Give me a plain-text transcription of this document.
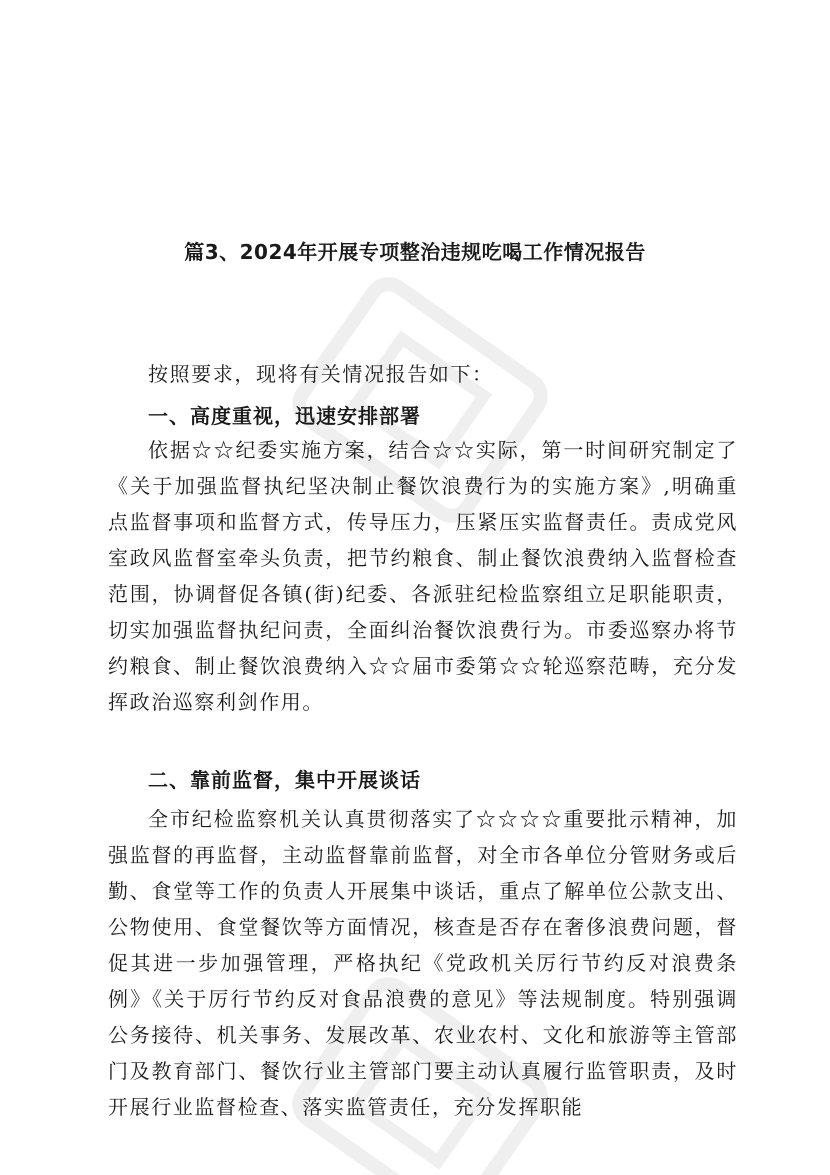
篇3、2024年开展专项整治违规吃喝工作情况报告
按照要求，现将有关情况报告如下：
一、高度重视，迅速安排部署
依据☆☆纪委实施方案，结合☆☆实际，第一时间研究制定了《关于加强监督执纪坚决制止餐饮浪费行为的实施方案》,明确重点监督事项和监督方式，传导压力，压紧压实监督责任。责成党风室政风监督室牵头负责，把节约粮食、制止餐饮浪费纳入监督检查范围，协调督促各镇(街)纪委、各派驻纪检监察组立足职能职责，切实加强监督执纪问责，全面纠治餐饮浪费行为。市委巡察办将节约粮食、制止餐饮浪费纳入☆☆届市委第☆☆轮巡察范畴，充分发挥政治巡察利剑作用。
二、靠前监督，集中开展谈话
全市纪检监察机关认真贯彻落实了☆☆☆☆重要批示精神，加强监督的再监督，主动监督靠前监督，对全市各单位分管财务或后勤、食堂等工作的负责人开展集中谈话，重点了解单位公款支出、公物使用、食堂餐饮等方面情况，核查是否存在奢侈浪费问题，督促其进一步加强管理，严格执纪《党政机关厉行节约反对浪费条例》《关于厉行节约反对食品浪费的意见》等法规制度。特别强调公务接待、机关事务、发展改革、农业农村、文化和旅游等主管部门及教育部门、餐饮行业主管部门要主动认真履行监管职责，及时开展行业监督检查、落实监管责任，充分发挥职能
